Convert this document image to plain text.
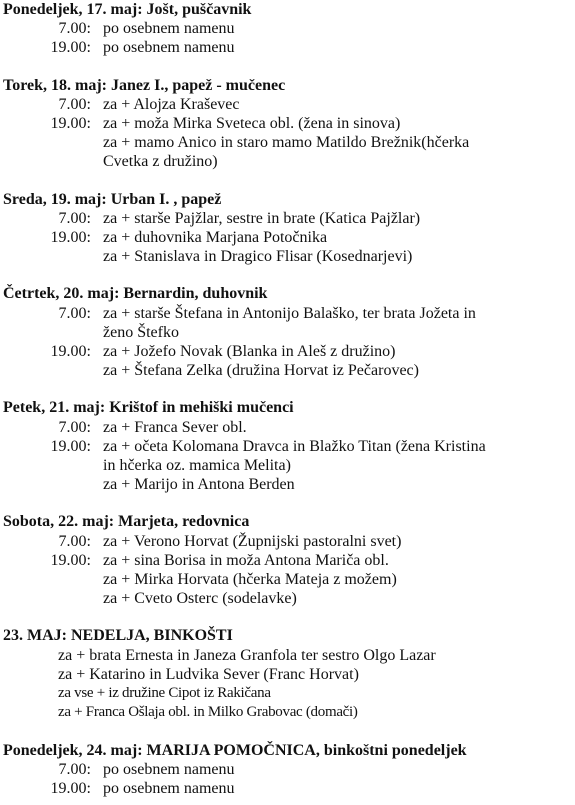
Ponedeljek, 17. maj: Jošt, puščavnik
7.00: po osebnem namenu
19.00: po osebnem namenu
Torek, 18. maj: Janez I., papež - mučenec
7.00: za + Alojza Kraševec
19.00: za + moža Mirka Sveteca obl. (žena in sinova)
za + mamo Anico in staro mamo Matildo Brežnik(hčerka
Cvetka z družino)
Sreda, 19. maj: Urban I. , papež
7.00: za + starše Pajžlar, sestre in brate (Katica Pajžlar)
19.00: za + duhovnika Marjana Potočnika
za + Stanislava in Dragico Flisar (Kosednarjevi)
Četrtek, 20. maj: Bernardin, duhovnik
7.00: za + starše Štefana in Antonijo Balaško, ter brata Jožeta in
ženo Štefko
19.00: za + Jožefo Novak (Blanka in Aleš z družino)
za + Štefana Zelka (družina Horvat iz Pečarovec)
Petek, 21. maj: Krištof in mehiški mučenci
7.00: za + Franca Sever obl.
19.00: za + očeta Kolomana Dravca in Blažko Titan (žena Kristina
in hčerka oz. mamica Melita)
za + Marijo in Antona Berden
Sobota, 22. maj: Marjeta, redovnica
7.00: za + Verono Horvat (Župnijski pastoralni svet)
19.00: za + sina Borisa in moža Antona Mariča obl.
za + Mirka Horvata (hčerka Mateja z možem)
za + Cveto Osterc (sodelavke)
23. MAJ: NEDELJA, BINKOŠTI
za + brata Ernesta in Janeza Granfola ter sestro Olgo Lazar
za + Katarino in Ludvika Sever (Franc Horvat)
za vse + iz družine Cipot iz Rakičana
za + Franca Ošlaja obl. in Milko Grabovac (domači)
Ponedeljek, 24. maj: MARIJA POMOČNICA, binkoštni ponedeljek
7.00: po osebnem namenu
19.00: po osebnem namenu
